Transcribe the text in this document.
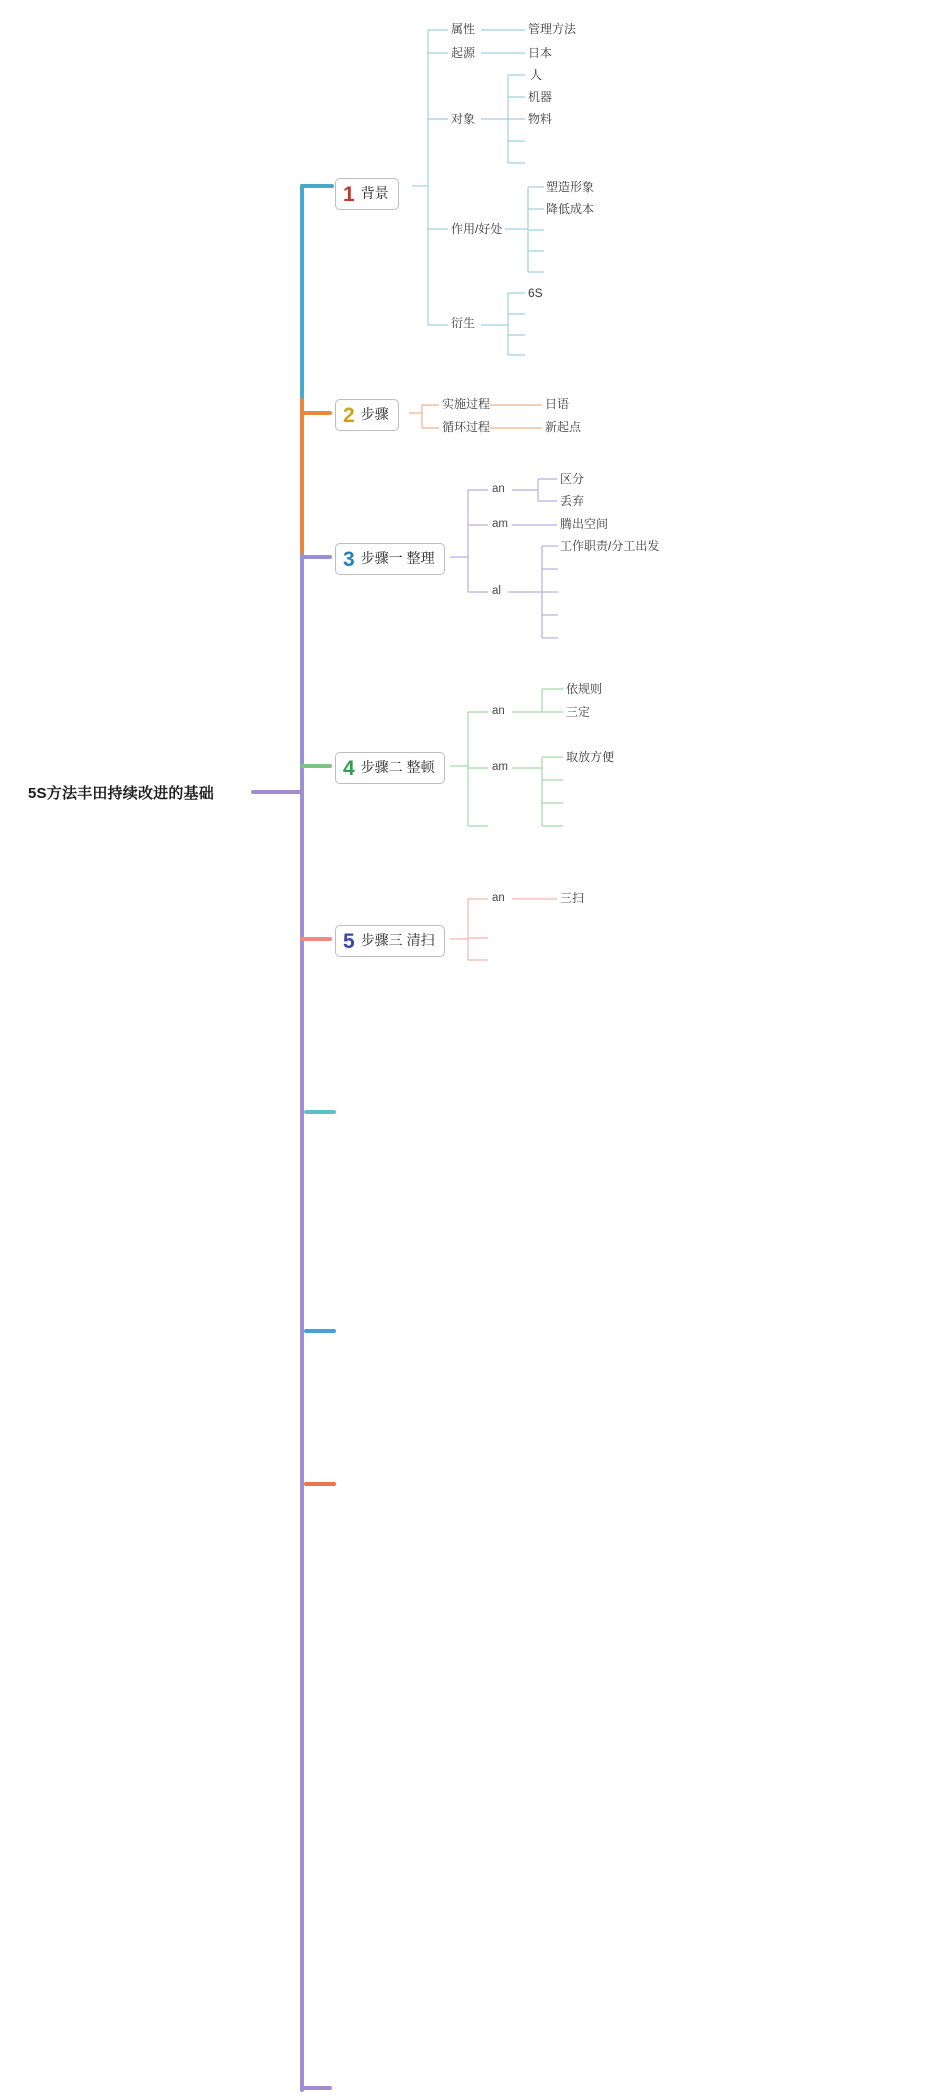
5S方法丰田持续改进的基础
1 背景
属性	管理方法
起源	日本
对象
人
机器
物料
作用/好处
塑造形象
降低成本
衍生
6S
2 步骤
实施过程	日语
循环过程	新起点
3 步骤一 整理
an
区分
丢弃
am	腾出空间
al
工作职责/分工出发
4 步骤二 整顿
an
依规则
三定
am
取放方便
5 步骤三 清扫
an	三扫
